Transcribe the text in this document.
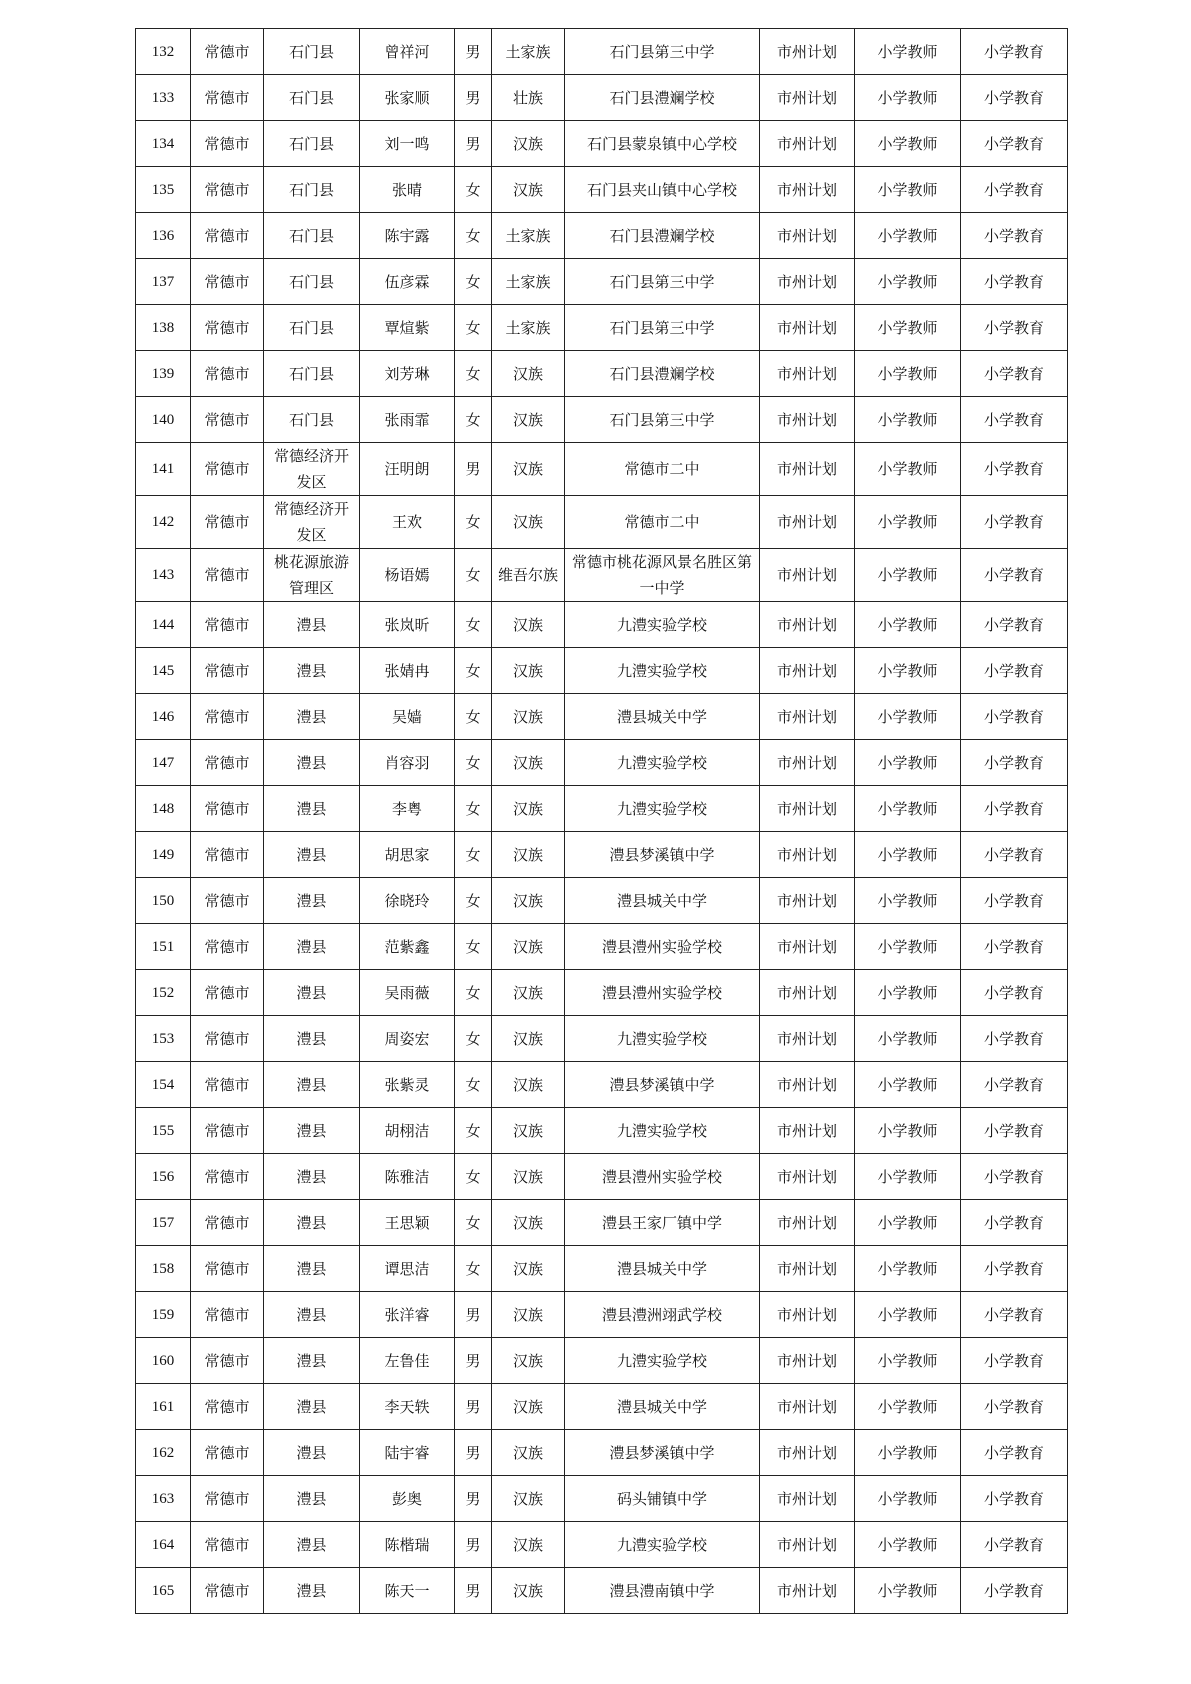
132	常德市	石门县	曾祥河	男	土家族	石门县第三中学	市州计划	小学教师	小学教育
133	常德市	石门县	张家顺	男	壮族	石门县澧斓学校	市州计划	小学教师	小学教育
134	常德市	石门县	刘一鸣	男	汉族	石门县蒙泉镇中心学校	市州计划	小学教师	小学教育
135	常德市	石门县	张晴	女	汉族	石门县夹山镇中心学校	市州计划	小学教师	小学教育
136	常德市	石门县	陈宇露	女	土家族	石门县澧斓学校	市州计划	小学教师	小学教育
137	常德市	石门县	伍彦霖	女	土家族	石门县第三中学	市州计划	小学教师	小学教育
138	常德市	石门县	覃煊紫	女	土家族	石门县第三中学	市州计划	小学教师	小学教育
139	常德市	石门县	刘芳琳	女	汉族	石门县澧斓学校	市州计划	小学教师	小学教育
140	常德市	石门县	张雨霏	女	汉族	石门县第三中学	市州计划	小学教师	小学教育
141	常德市	常德经济开发区	汪明朗	男	汉族	常德市二中	市州计划	小学教师	小学教育
142	常德市	常德经济开发区	王欢	女	汉族	常德市二中	市州计划	小学教师	小学教育
143	常德市	桃花源旅游管理区	杨语嫣	女	维吾尔族	常德市桃花源风景名胜区第一中学	市州计划	小学教师	小学教育
144	常德市	澧县	张岚昕	女	汉族	九澧实验学校	市州计划	小学教师	小学教育
145	常德市	澧县	张婧冉	女	汉族	九澧实验学校	市州计划	小学教师	小学教育
146	常德市	澧县	吴嫱	女	汉族	澧县城关中学	市州计划	小学教师	小学教育
147	常德市	澧县	肖容羽	女	汉族	九澧实验学校	市州计划	小学教师	小学教育
148	常德市	澧县	李粤	女	汉族	九澧实验学校	市州计划	小学教师	小学教育
149	常德市	澧县	胡思家	女	汉族	澧县梦溪镇中学	市州计划	小学教师	小学教育
150	常德市	澧县	徐晓玲	女	汉族	澧县城关中学	市州计划	小学教师	小学教育
151	常德市	澧县	范紫鑫	女	汉族	澧县澧州实验学校	市州计划	小学教师	小学教育
152	常德市	澧县	吴雨薇	女	汉族	澧县澧州实验学校	市州计划	小学教师	小学教育
153	常德市	澧县	周姿宏	女	汉族	九澧实验学校	市州计划	小学教师	小学教育
154	常德市	澧县	张紫灵	女	汉族	澧县梦溪镇中学	市州计划	小学教师	小学教育
155	常德市	澧县	胡栩洁	女	汉族	九澧实验学校	市州计划	小学教师	小学教育
156	常德市	澧县	陈雅洁	女	汉族	澧县澧州实验学校	市州计划	小学教师	小学教育
157	常德市	澧县	王思颖	女	汉族	澧县王家厂镇中学	市州计划	小学教师	小学教育
158	常德市	澧县	谭思洁	女	汉族	澧县城关中学	市州计划	小学教师	小学教育
159	常德市	澧县	张洋睿	男	汉族	澧县澧洲翊武学校	市州计划	小学教师	小学教育
160	常德市	澧县	左鲁佳	男	汉族	九澧实验学校	市州计划	小学教师	小学教育
161	常德市	澧县	李天轶	男	汉族	澧县城关中学	市州计划	小学教师	小学教育
162	常德市	澧县	陆宇睿	男	汉族	澧县梦溪镇中学	市州计划	小学教师	小学教育
163	常德市	澧县	彭奥	男	汉族	码头铺镇中学	市州计划	小学教师	小学教育
164	常德市	澧县	陈楷瑞	男	汉族	九澧实验学校	市州计划	小学教师	小学教育
165	常德市	澧县	陈天一	男	汉族	澧县澧南镇中学	市州计划	小学教师	小学教育
